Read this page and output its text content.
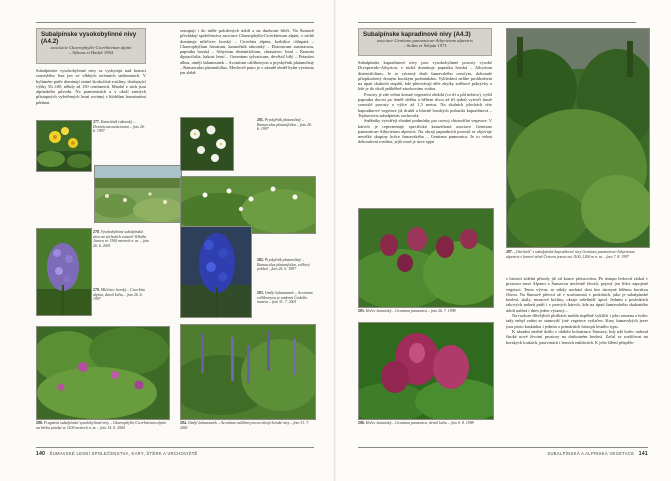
Subalpínske vysokobylinné nivy (A4.2)
asociácie Chaerophyllo-Cicerbitetum alpini
– Sýkora et Hadač 1984

Subalpínske vysokobylinné nivy sa vyskytujú nad hranicí souvislého lesa jen ve vlhkých terénních sníženinách. V bylinném patře dominují statné širokolisté rostliny, dorůstající výšky 50–100, někdy až 150 centimetrů. Mnohé z nich jsou alpínského původu. Na pramenistích a v okolí zrnitých přístupných vyšetřených lesní rovinný s hlubšími humózními půdami.

sestupují i do nižše položených údolí a na dnohorní břečí. Na Šumavě převládají společenstva asociace Chaerophyllo-Cicerbitetum alpini, v nichž dominuje mléčivec horský – Cicerbita alpina, krabilice chlupatá – Chaerophyllum hirsutum, kamzičník rakouský – Doronicum austriacum, papratka horská – Athyrium distentifolium, chrastavec lesní – Knautia dipsacifolia, kakost lesní – Geranium sylvaticum, devětsil bílý – Petasites albus, omějí šalamounek – Aconitum callibotryon a pryskyřník platanolistý – Ranunculus platanifolius. Mechové patro je v zásadě téměř bylin vyvinuto jen slabě.

277. Kamzičník rakouský – Doronicum austriacum – foto 26. 6. 1997
278. Vysokobylinná subalpínská niva na výchozích svazích Velkého Javoru ve 1300 metrech n. m. – foto 26. 6. 2001
279. Mléčivec horský – Cicerbita alpina, detail květu – foto 26. 6. 1997
280. Fragment subalpínské vysokobylinné nivy – Chaerophyllo-Cicerbitetum alpini na břehu potoka ve 1100 metrech n. m. – foto 14. 6. 2000
281. Pryskyřník platanolistý – Ranunculus platanifolius – foto 26. 6. 1997
282. Pryskyřník platanolistý – Ranunculus platanifolius, celkový pohled – foto 26. 6. 1997
283. Omějí šalamounek – Aconitum callibotryon je endemit Českého masívu – foto 31. 7. 2001
284. Omějí šalamounek – Aconitum callibotryon na okraji horské nivy – foto 31. 7. 2001
140 ŠUMAVSKÉ LESNÍ SPOLEČENSTVA, KARY, ŠTĚRK A VRCHOVIŠTĚ
Subalpínske kapradinové nivy (A4.3)
asociace Gentiano pannonicae-Athyrietum alpestris
– Soltes et Šeljain 1971

Subalpínske kapradinové nivy jsou vysokobylinné porosty vysoké Dryopterido-Athyrion, v nichž dominuje papratka horská – Athyrium distentifolium. Je to výrazný druh šumavského oreofytu, dokonale přizpůsobený drsným horským podmínkám. Vyhledává nelike prohloubení na úpatí skalních stupňů, kde přetrvávají déle zbytky sněhové pokrývky a kde je do okolí průběžně zásobováno vodou.

Porosty je zde velmi krásné vegetační období (co tři a půl měsíce), vyšší papratka dorost po téměř uběhu a během dvou až tří týdnů vytvoří husté souvislé porosty o výšce až 1,5 metru. Na skalních plochách této kapradinové vegetace již druhů a hlavně horských pulsatila kapradinová – Tephroseris subalpinitis zachovalá.

Sněžníky vytvářejí vhodné podmínky pro rozvoj chionofilní vegetace. V kárech je reprezentuje specifická kamzičnatá asociace Gentiano pannonicae-Athyrietum alpestris. Na okraji papradních porostů se objevuje nevelké skupiny hořce šumavského – Gentiana pannonica. Je to velmi dekorativní rostlina, jejíž osud je úzce spjat

285. Hořec šumavský – Gentiana pannonica – foto 26. 7. 1998
286. Hořec šumavský – Gentiana pannonica, detail květu – foto 6. 8. 1998
287. „Ostrůvek" s subalpínské kapradinové nivy Gentiano pannonicae-Athyrietum alpestris v karové stěně Čertova jezera asi 1100–1200 m n. m. – foto 7. 8. 1997

s historií sídelní přírody již od konce pleistocénu. Po ústupu ledovců získal v prostoru mezi Alpami a Šumavou nesčetně životů, pojený jen řídce zapojené vegetaci. Tento výtvar, se nikdy nachází dost bez ústrojné běžnou horskou flórou. Na Šumavě přetrvá až v současnosti v podobách, jako je subalpínské bezlesí, skály, mrazové kotlíny, okraje rašelinišť apod. Jedním z posledních takových nalezů patří i v pravých kárech, kde na úpatí šumavského skalnatého údolí nalézá i dnes jeden výrazný...

Na rozloze dřívějších ploškách mohla úspěšně vyklíčit i jeho semena a hořec tady nebyl zatím ze stanovišť jiné vegetace vytlačen. Kary šumavských jezer jsou proto kaskádou i jedním z primárních biotopů lesního typu.

K zásadní změně došlo v období kolonizace Šumavy, kdy náš hořec nalezal široké nové životní prostory na druhotném bezlesí. Začal se rozšiřovat na horských loukách, pastvinách i lesních enklávách. K jeho šíření přispělo-

SUBALPÍNSKÁ A ALPÍNSKÁ VEGETACE 141
